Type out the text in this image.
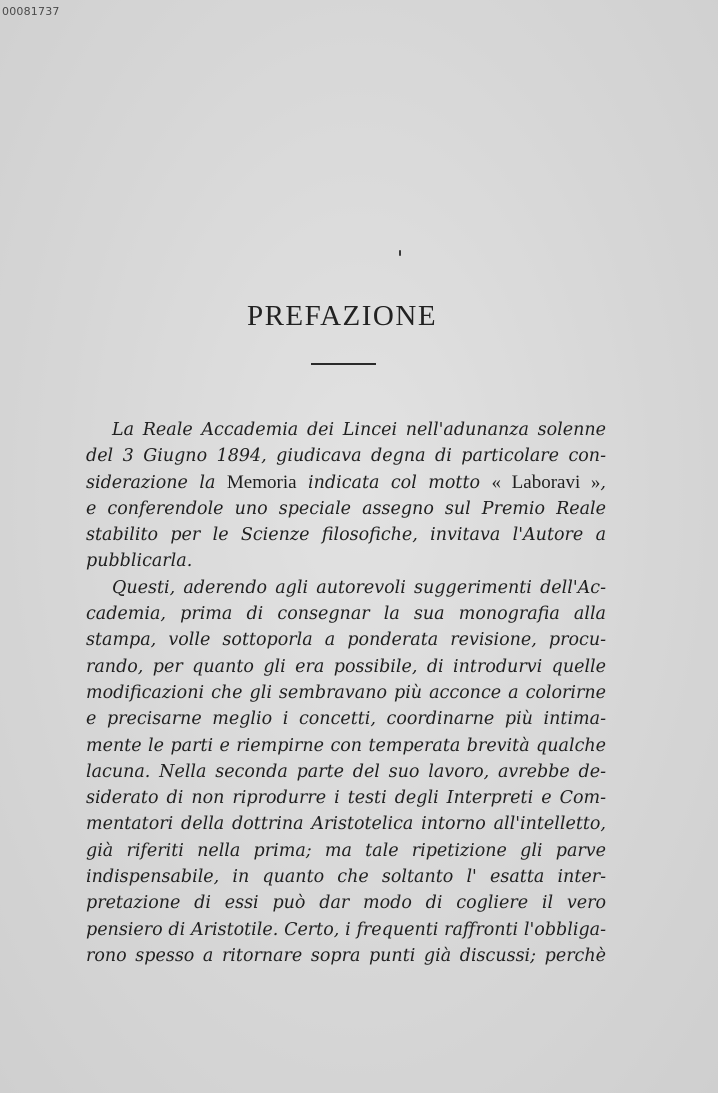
00081737
PREFAZIONE
La Reale Accademia dei Lincei nell'adunanza solenne
del 3 Giugno 1894, giudicava degna di particolare con-
siderazione la Memoria indicata col motto « Laboravi »,
e conferendole uno speciale assegno sul Premio Reale
stabilito per le Scienze filosofiche, invitava l'Autore a
pubblicarla.
Questi, aderendo agli autorevoli suggerimenti dell'Ac-
cademia, prima di consegnar la sua monografia alla
stampa, volle sottoporla a ponderata revisione, procu-
rando, per quanto gli era possibile, di introdurvi quelle
modificazioni che gli sembravano più acconce a colorirne
e precisarne meglio i concetti, coordinarne più intima-
mente le parti e riempirne con temperata brevità qualche
lacuna. Nella seconda parte del suo lavoro, avrebbe de-
siderato di non riprodurre i testi degli Interpreti e Com-
mentatori della dottrina Aristotelica intorno all'intelletto,
già riferiti nella prima; ma tale ripetizione gli parve
indispensabile, in quanto che soltanto l' esatta inter-
pretazione di essi può dar modo di cogliere il vero
pensiero di Aristotile. Certo, i frequenti raffronti l'obbliga-
rono spesso a ritornare sopra punti già discussi; perchè
